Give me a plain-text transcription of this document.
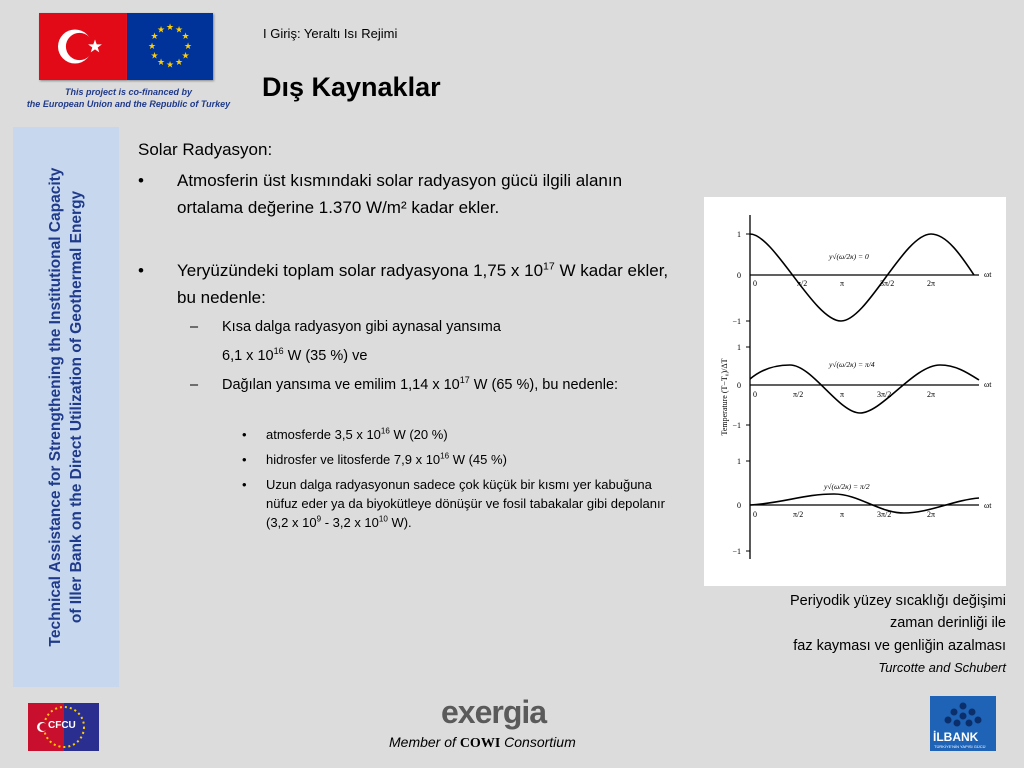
★ ★
★
★
★
★
★
★
★
★
★
★
This project is co-financed by
the European Union and the Republic of Turkey
I Giriş: Yeraltı Isı Rejimi
Dış Kaynaklar
Technical Assistance for Strengthening the Institutional Capacity of Iller Bank on the Direct Utilization of Geothermal Energy
Solar Radyasyon:
• Atmosferin üst kısmındaki solar radyasyon gücü ilgili alanın ortalama değerine 1.370 W/m² kadar ekler.
• Yeryüzündeki toplam solar radyasyona 1,75 x $10^{17}$ W kadar ekler, bu nedenle:
– Kısa dalga radyasyon gibi aynasal yansıma
6,1 x $10^{16}$ W (35 %) ve
– Dağılan yansıma ve emilim 1,14 x $10^{17}$ W (65 %), bu nedenle:
• atmosferde 3,5 x $10^{16}$ W (20 %)
• hidrosfer ve litosferde 7,9 x $10^{16}$ W (45 %)
• Uzun dalga radyasyonun sadece çok küçük bir kısmı yer kabuğuna nüfuz eder ya da biyokütleye dönüşür ve fosil tabakalar gibi depolanır (3,2 x $10^9 - 3,2$ x $10^{10}$ W).
Temperature (T−T₀)/ΔT
1
0
−1
0	π/2	π	3π/2	2π
ωt
y√(ω/2κ) = 0
1
0
−1
0	π/2	π	3π/2	2π
ωt
y√(ω/2κ) = π/4
1
0
−1
0	π/2	π	3π/2	2π
ωt
y√(ω/2κ) = π/2
Periyodik yüzey sıcaklığı değişimi
zaman derinliği ile
faz kayması ve genliğin azalması
Turcotte and Schubert
CFCU	exergia
Member of COWI Consortium	İLBANK
TÜRKİYE'NİN YAPISI GÜCÜ
